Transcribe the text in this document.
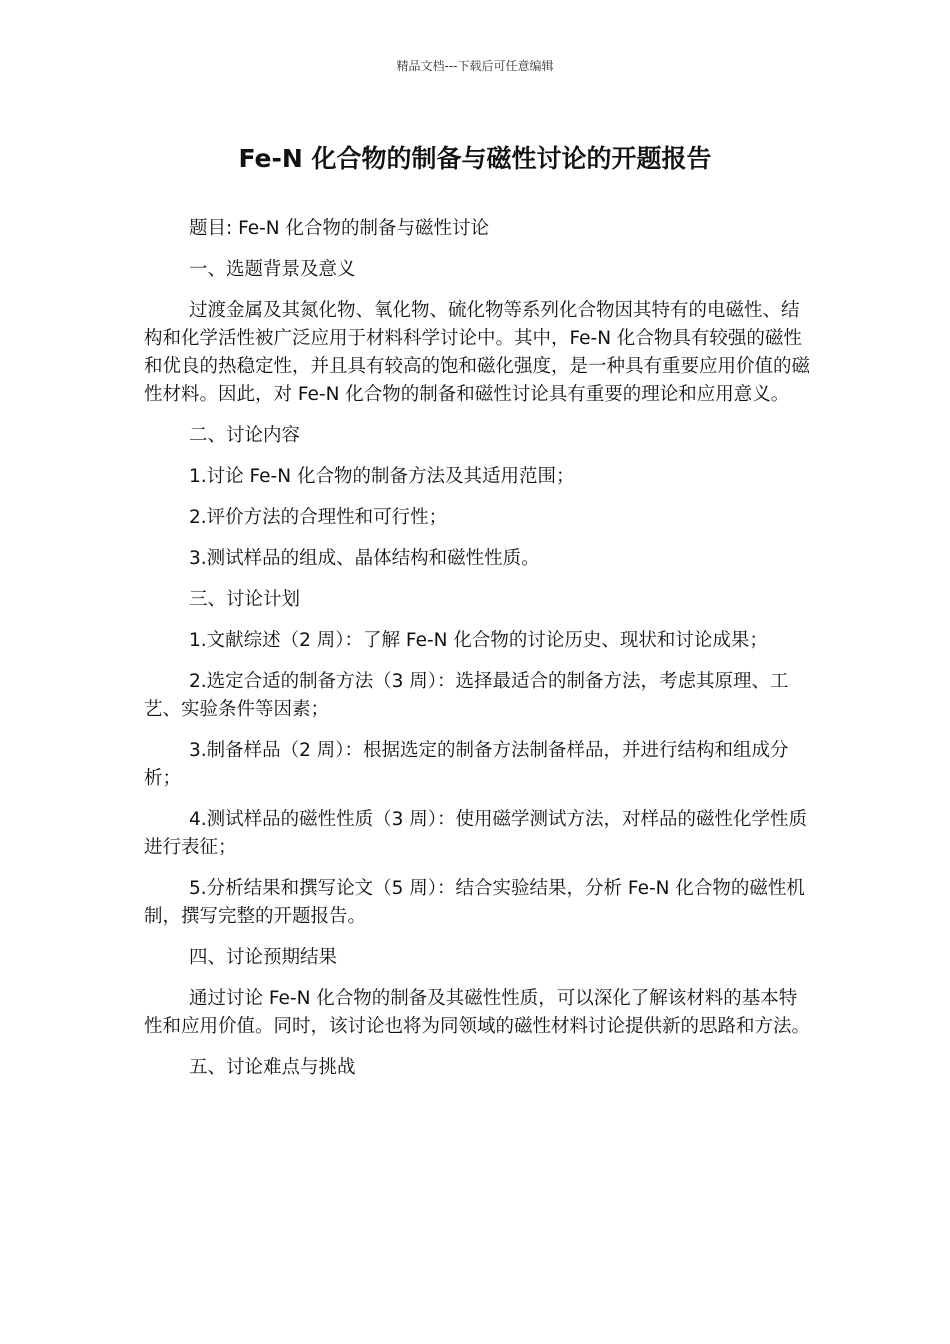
精品文档---下载后可任意编辑
Fe-N 化合物的制备与磁性讨论的开题报告

题目: Fe-N 化合物的制备与磁性讨论

一、选题背景及意义

过渡金属及其氮化物、氧化物、硫化物等系列化合物因其特有的电磁性、结构和化学活性被广泛应用于材料科学讨论中。其中，Fe-N 化合物具有较强的磁性和优良的热稳定性，并且具有较高的饱和磁化强度，是一种具有重要应用价值的磁性材料。因此，对 Fe-N 化合物的制备和磁性讨论具有重要的理论和应用意义。

二、讨论内容

1.讨论 Fe-N 化合物的制备方法及其适用范围；

2.评价方法的合理性和可行性；

3.测试样品的组成、晶体结构和磁性性质。

三、讨论计划

1.文献综述（2 周）：了解 Fe-N 化合物的讨论历史、现状和讨论成果；

2.选定合适的制备方法（3 周）：选择最适合的制备方法，考虑其原理、工艺、实验条件等因素；

3.制备样品（2 周）：根据选定的制备方法制备样品，并进行结构和组成分析；

4.测试样品的磁性性质（3 周）：使用磁学测试方法，对样品的磁性化学性质进行表征；

5.分析结果和撰写论文（5 周）：结合实验结果，分析 Fe-N 化合物的磁性机制，撰写完整的开题报告。

四、讨论预期结果

通过讨论 Fe-N 化合物的制备及其磁性性质，可以深化了解该材料的基本特性和应用价值。同时，该讨论也将为同领域的磁性材料讨论提供新的思路和方法。

五、讨论难点与挑战
